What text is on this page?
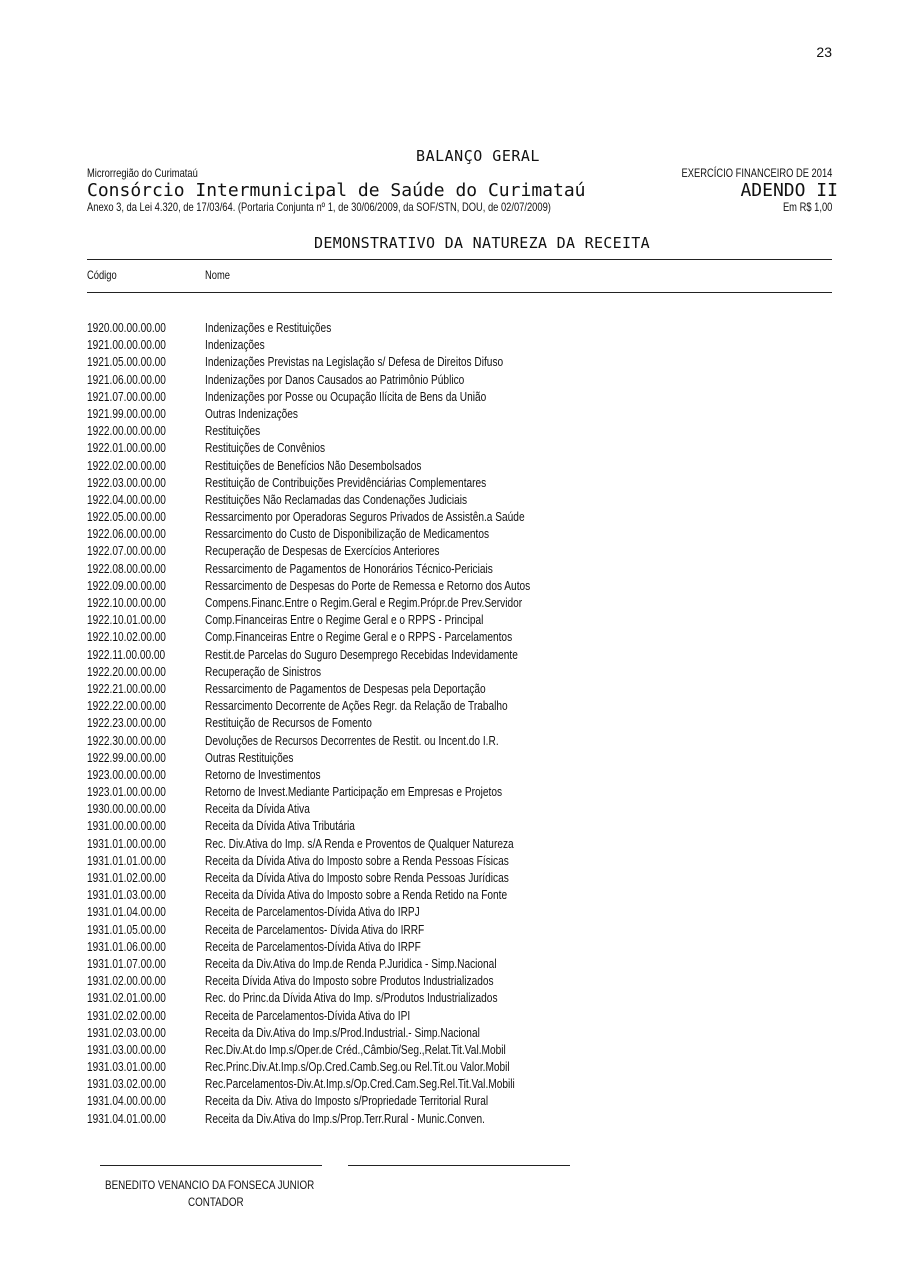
23
BALANÇO GERAL
Microrregião do Curimataú	EXERCÍCIO FINANCEIRO DE 2014
Consórcio Intermunicipal de Saúde do Curimataú	ADENDO II
Anexo 3, da Lei 4.320, de 17/03/64. (Portaria Conjunta nº 1, de 30/06/2009, da SOF/STN, DOU, de 02/07/2009)	Em R$ 1,00
DEMONSTRATIVO DA NATUREZA DA RECEITA
Código	Nome
1920.00.00.00.00	Indenizações e Restituições
1921.00.00.00.00	Indenizações
1921.05.00.00.00	Indenizações Previstas na Legislação s/ Defesa de Direitos Difuso
1921.06.00.00.00	Indenizações por Danos Causados ao Patrimônio Público
1921.07.00.00.00	Indenizações por Posse ou Ocupação Ilícita de Bens da União
1921.99.00.00.00	Outras Indenizações
1922.00.00.00.00	Restituições
1922.01.00.00.00	Restituições de Convênios
1922.02.00.00.00	Restituições de Benefícios Não Desembolsados
1922.03.00.00.00	Restituição de Contribuições Previdênciárias Complementares
1922.04.00.00.00	Restituições Não Reclamadas das Condenações Judiciais
1922.05.00.00.00	Ressarcimento por Operadoras Seguros Privados de Assistên.a Saúde
1922.06.00.00.00	Ressarcimento do Custo de Disponibilização de Medicamentos
1922.07.00.00.00	Recuperação de Despesas de Exercícios Anteriores
1922.08.00.00.00	Ressarcimento de Pagamentos de Honorários Técnico-Periciais
1922.09.00.00.00	Ressarcimento de Despesas do Porte de Remessa e Retorno dos Autos
1922.10.00.00.00	Compens.Financ.Entre o Regim.Geral e Regim.Própr.de Prev.Servidor
1922.10.01.00.00	Comp.Financeiras Entre o Regime Geral e o RPPS - Principal
1922.10.02.00.00	Comp.Financeiras Entre o Regime Geral e o RPPS - Parcelamentos
1922.11.00.00.00	Restit.de Parcelas do Suguro Desemprego Recebidas Indevidamente
1922.20.00.00.00	Recuperação de Sinistros
1922.21.00.00.00	Ressarcimento de Pagamentos de Despesas pela Deportação
1922.22.00.00.00	Ressarcimento Decorrente de Ações Regr. da Relação de Trabalho
1922.23.00.00.00	Restituição de Recursos de Fomento
1922.30.00.00.00	Devoluções de Recursos Decorrentes de Restit. ou Incent.do I.R.
1922.99.00.00.00	Outras Restituições
1923.00.00.00.00	Retorno de Investimentos
1923.01.00.00.00	Retorno de Invest.Mediante Participação em Empresas e Projetos
1930.00.00.00.00	Receita da Dívida Ativa
1931.00.00.00.00	Receita da Dívida Ativa Tributária
1931.01.00.00.00	Rec. Div.Ativa do Imp. s/A Renda e Proventos de Qualquer Natureza
1931.01.01.00.00	Receita da Dívida Ativa do Imposto sobre a Renda Pessoas Físicas
1931.01.02.00.00	Receita da Dívida Ativa do Imposto sobre Renda Pessoas Jurídicas
1931.01.03.00.00	Receita da Dívida Ativa do Imposto sobre a Renda Retido na Fonte
1931.01.04.00.00	Receita de Parcelamentos-Dívida Ativa do IRPJ
1931.01.05.00.00	Receita de Parcelamentos- Dívida Ativa do IRRF
1931.01.06.00.00	Receita de Parcelamentos-Dívida Ativa do IRPF
1931.01.07.00.00	Receita da Div.Ativa do Imp.de Renda P.Juridica - Simp.Nacional
1931.02.00.00.00	Receita Dívida Ativa do Imposto sobre Produtos Industrializados
1931.02.01.00.00	Rec. do Princ.da Dívida Ativa do Imp. s/Produtos Industrializados
1931.02.02.00.00	Receita de Parcelamentos-Dívida Ativa do IPI
1931.02.03.00.00	Receita da Div.Ativa do Imp.s/Prod.Industrial.- Simp.Nacional
1931.03.00.00.00	Rec.Div.At.do Imp.s/Oper.de Créd.,Câmbio/Seg.,Relat.Tit.Val.Mobil
1931.03.01.00.00	Rec.Princ.Div.At.Imp.s/Op.Cred.Camb.Seg.ou Rel.Tit.ou Valor.Mobil
1931.03.02.00.00	Rec.Parcelamentos-Div.At.Imp.s/Op.Cred.Cam.Seg.Rel.Tit.Val.Mobili
1931.04.00.00.00	Receita da Div. Ativa do Imposto s/Propriedade Territorial Rural
1931.04.01.00.00	Receita da Div.Ativa do Imp.s/Prop.Terr.Rural - Munic.Conven.
BENEDITO VENANCIO DA FONSECA JUNIOR
CONTADOR
